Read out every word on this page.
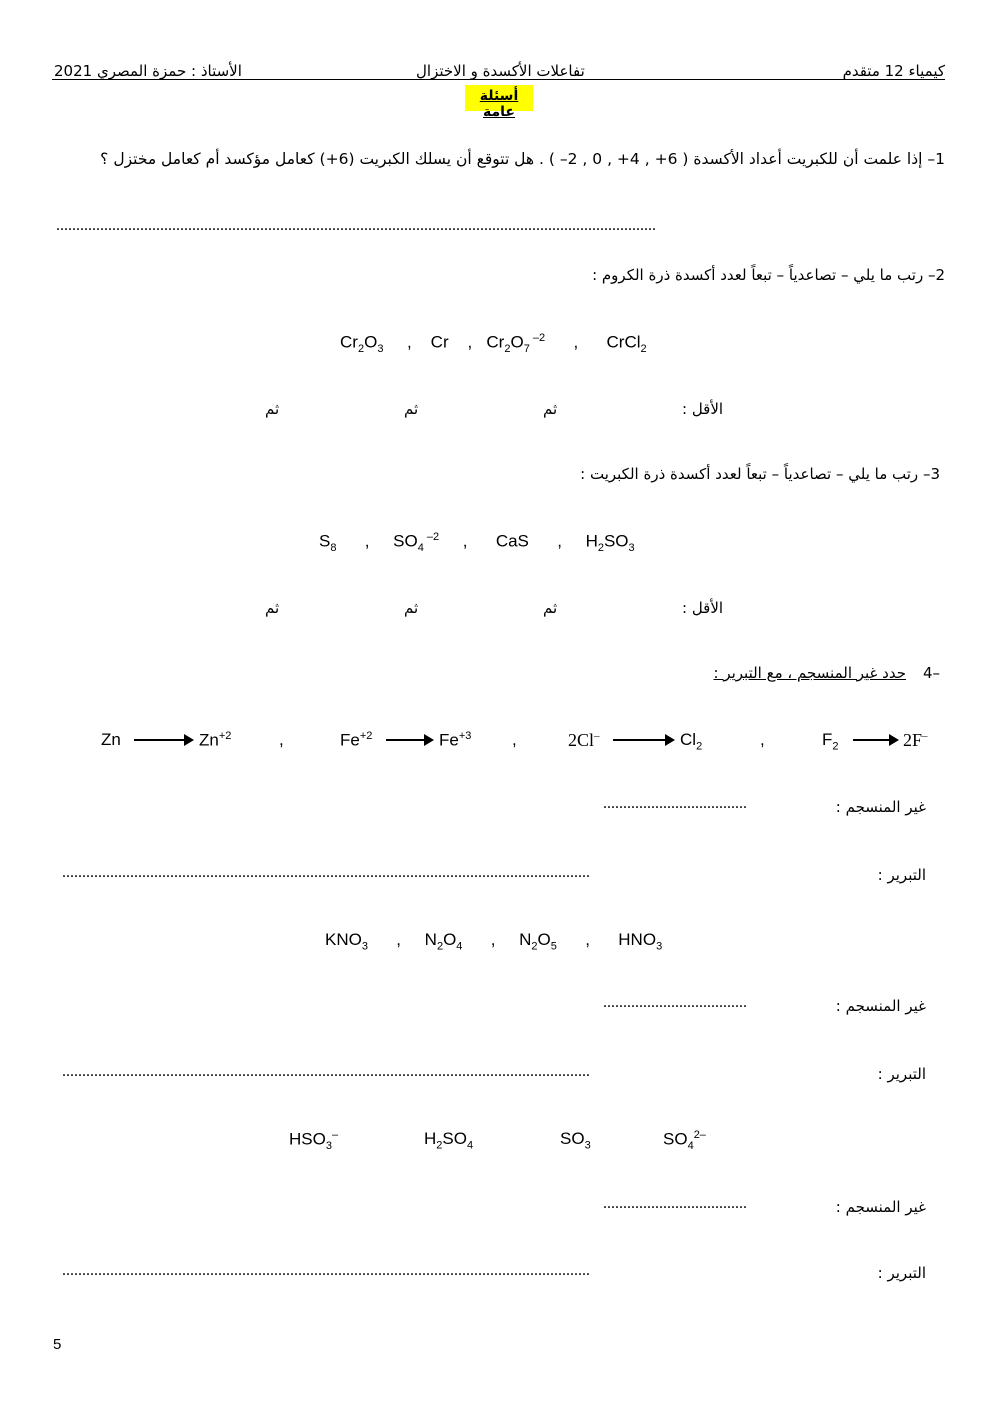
كيمياء 12 متقدم
تفاعلات الأكسدة و الاختزال
الأستاذ : حمزة المصري 2021
أسئلة عامة
1– إذا علمت أن للكبريت أعداد الأكسدة ( 6+ , 4+ , 0 , 2– ) . هل تتوقع أن يسلك الكبريت (6+) كعامل مؤكسد أم كعامل مختزل ؟
......................................................................................................................................................
2– رتب ما يلي – تصاعدياً – تبعاً لعدد أكسدة ذرة الكروم :
$Cr_2O_3$     ,    Cr    ,   $Cr_2O_7$ $^{-2}$      ,      CrCl$_2$
الأقل :
ثم
ثم
ثم
3– رتب ما يلي – تصاعدياً – تبعاً لعدد أكسدة ذرة الكبريت :
$S_8$      ,     $SO_4$ $^{-2}$     ,      CaS      ,     $H_2SO_3$
الأقل :
ثم
ثم
ثم
4–
حدد غير المنسجم ، مع التبرير :
$Zn \to Zn^{+2}$	,	$Fe^{+2} \to Fe^{+3}$ ,	$2Cl^- \to Cl_2$	,	$F_2 \to 2F^-$
غير المنسجم :
....................................
التبرير :
....................................................................................................................................
$KNO_3$      ,     $N_2O_4$      ,     $N_2O_5$      ,      $HNO_3$
غير المنسجم :
....................................
التبرير :
....................................................................................................................................
$HSO_3^-$	$H_2SO_4$	$SO_3$	$SO_4^{2-}$
غير المنسجم :
....................................
التبرير :
....................................................................................................................................
5
